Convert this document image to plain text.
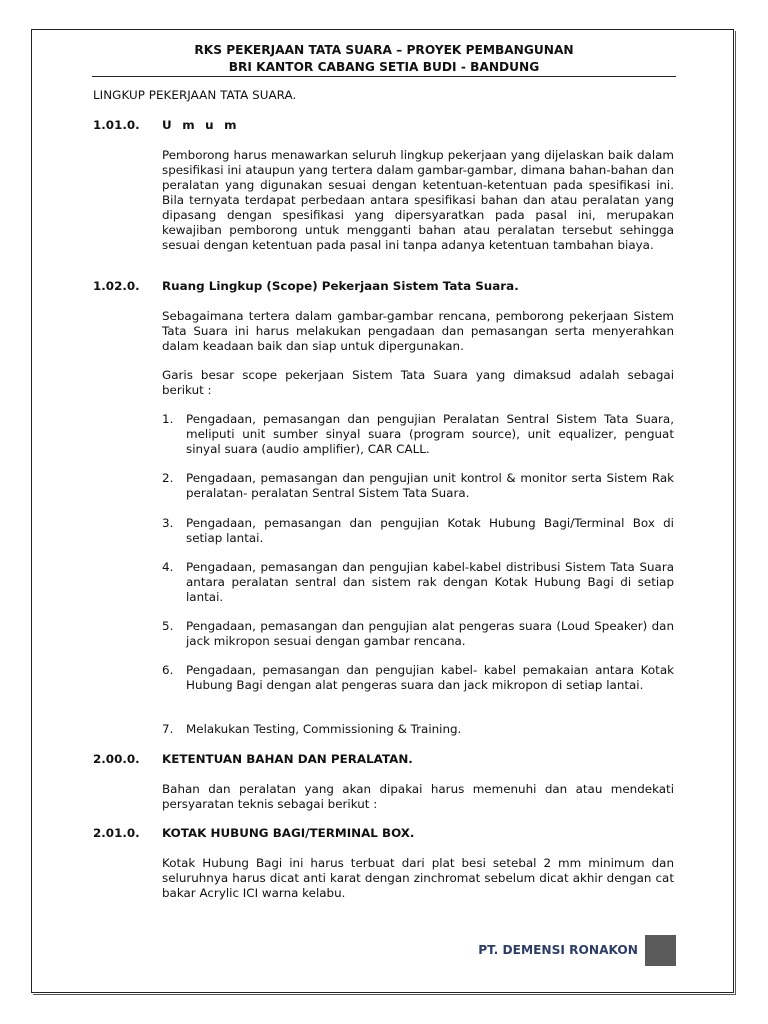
RKS PEKERJAAN TATA SUARA – PROYEK PEMBANGUNAN
BRI KANTOR CABANG SETIA BUDI - BANDUNG
LINGKUP PEKERJAAN TATA SUARA.
1.01.0. U m u m
Pemborong harus menawarkan seluruh lingkup pekerjaan yang dijelaskan baik dalam spesifikasi ini ataupun yang tertera dalam gambar-gambar, dimana bahan-bahan dan peralatan yang digunakan sesuai dengan ketentuan-ketentuan pada spesifikasi ini. Bila ternyata terdapat perbedaan antara spesifikasi bahan dan atau peralatan yang dipasang dengan spesifikasi yang dipersyaratkan pada pasal ini, merupakan kewajiban pemborong untuk mengganti bahan atau peralatan tersebut sehingga sesuai dengan ketentuan pada pasal ini tanpa adanya ketentuan tambahan biaya.
1.02.0. Ruang Lingkup (Scope) Pekerjaan Sistem Tata Suara.
Sebagaimana tertera dalam gambar-gambar rencana, pemborong pekerjaan Sistem Tata Suara ini harus melakukan pengadaan dan pemasangan serta menyerahkan dalam keadaan baik dan siap untuk dipergunakan.
Garis besar scope pekerjaan Sistem Tata Suara yang dimaksud adalah sebagai berikut :
1. Pengadaan, pemasangan dan pengujian Peralatan Sentral Sistem Tata Suara, meliputi unit sumber sinyal suara (program source), unit equalizer, penguat sinyal suara (audio amplifier), CAR CALL.
2. Pengadaan, pemasangan dan pengujian unit kontrol & monitor serta Sistem Rak peralatan- peralatan Sentral Sistem Tata Suara.
3. Pengadaan, pemasangan dan pengujian Kotak Hubung Bagi/Terminal Box di setiap lantai.
4. Pengadaan, pemasangan dan pengujian kabel-kabel distribusi Sistem Tata Suara antara peralatan sentral dan sistem rak dengan Kotak Hubung Bagi di setiap lantai.
5. Pengadaan, pemasangan dan pengujian alat pengeras suara (Loud Speaker) dan jack mikropon sesuai dengan gambar rencana.
6. Pengadaan, pemasangan dan pengujian kabel- kabel pemakaian antara Kotak Hubung Bagi dengan alat pengeras suara dan jack mikropon di setiap lantai.
7. Melakukan Testing, Commissioning & Training.
2.00.0. KETENTUAN BAHAN DAN PERALATAN.
Bahan dan peralatan yang akan dipakai harus memenuhi dan atau mendekati persyaratan teknis sebagai berikut :
2.01.0. KOTAK HUBUNG BAGI/TERMINAL BOX.
Kotak Hubung Bagi ini harus terbuat dari plat besi setebal 2 mm minimum dan seluruhnya harus dicat anti karat dengan zinchromat sebelum dicat akhir dengan cat bakar Acrylic ICI warna kelabu.
PT. DEMENSI RONAKON
